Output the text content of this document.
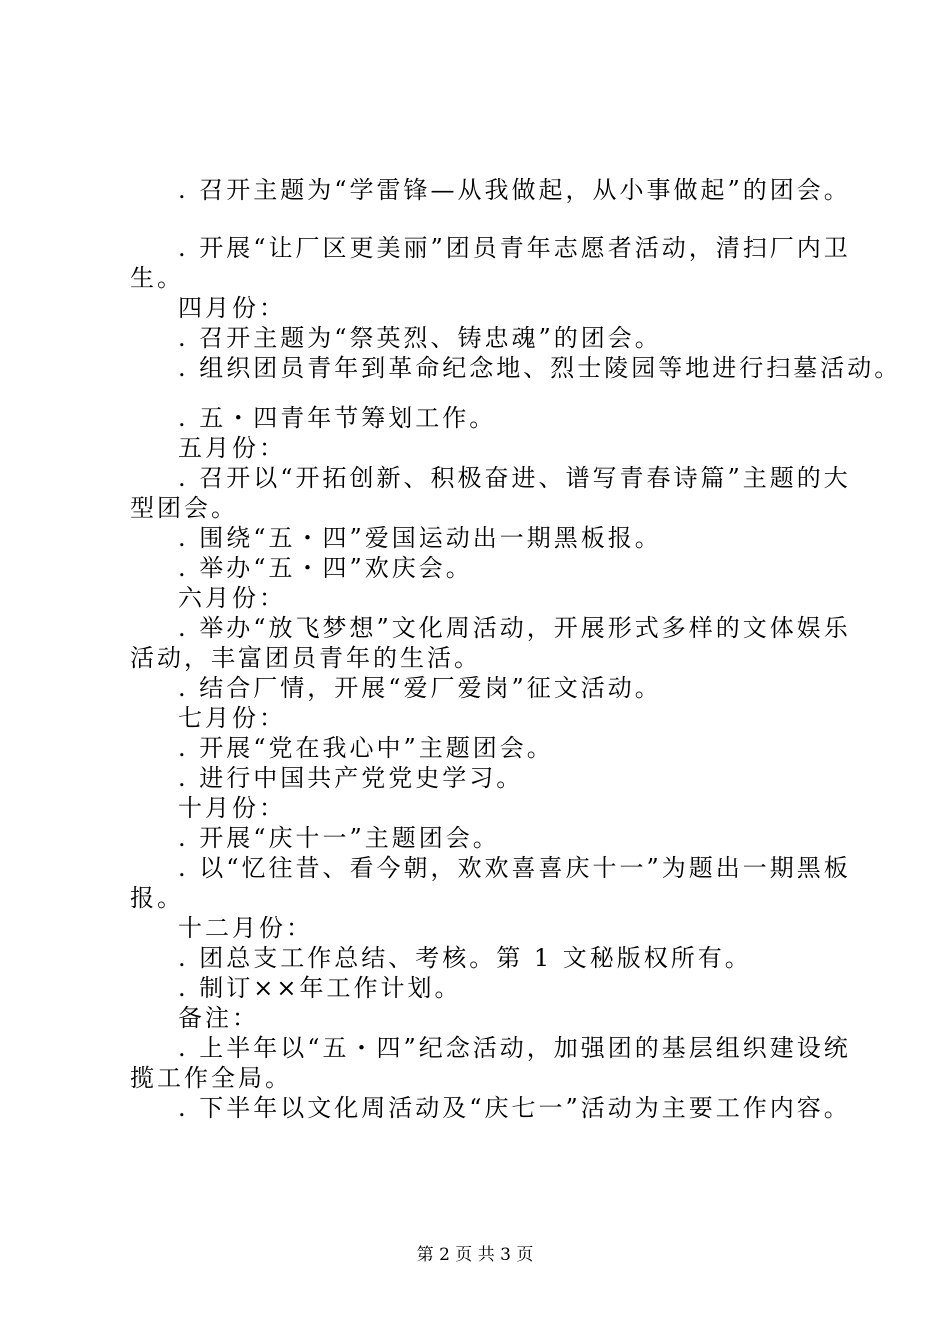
. 召开主题为“学雷锋—从我做起，从小事做起”的团会。
. 开展“让厂区更美丽”团员青年志愿者活动，清扫厂内卫
生。
四月份：
. 召开主题为“祭英烈、铸忠魂”的团会。
. 组织团员青年到革命纪念地、烈士陵园等地进行扫墓活动。
. 五・四青年节筹划工作。
五月份：
. 召开以“开拓创新、积极奋进、谱写青春诗篇”主题的大
型团会。
. 围绕“五・四”爱国运动出一期黑板报。
. 举办“五・四”欢庆会。
六月份：
. 举办“放飞梦想”文化周活动，开展形式多样的文体娱乐
活动，丰富团员青年的生活。
. 结合厂情，开展“爱厂爱岗”征文活动。
七月份：
. 开展“党在我心中”主题团会。
. 进行中国共产党党史学习。
十月份：
. 开展“庆十一”主题团会。
. 以“忆往昔、看今朝，欢欢喜喜庆十一”为题出一期黑板
报。
十二月份：
. 团总支工作总结、考核。第 1 文秘版权所有。
. 制订××年工作计划。
备注：
. 上半年以“五・四”纪念活动，加强团的基层组织建设统
揽工作全局。
. 下半年以文化周活动及“庆七一”活动为主要工作内容。
第 2 页 共 3 页
